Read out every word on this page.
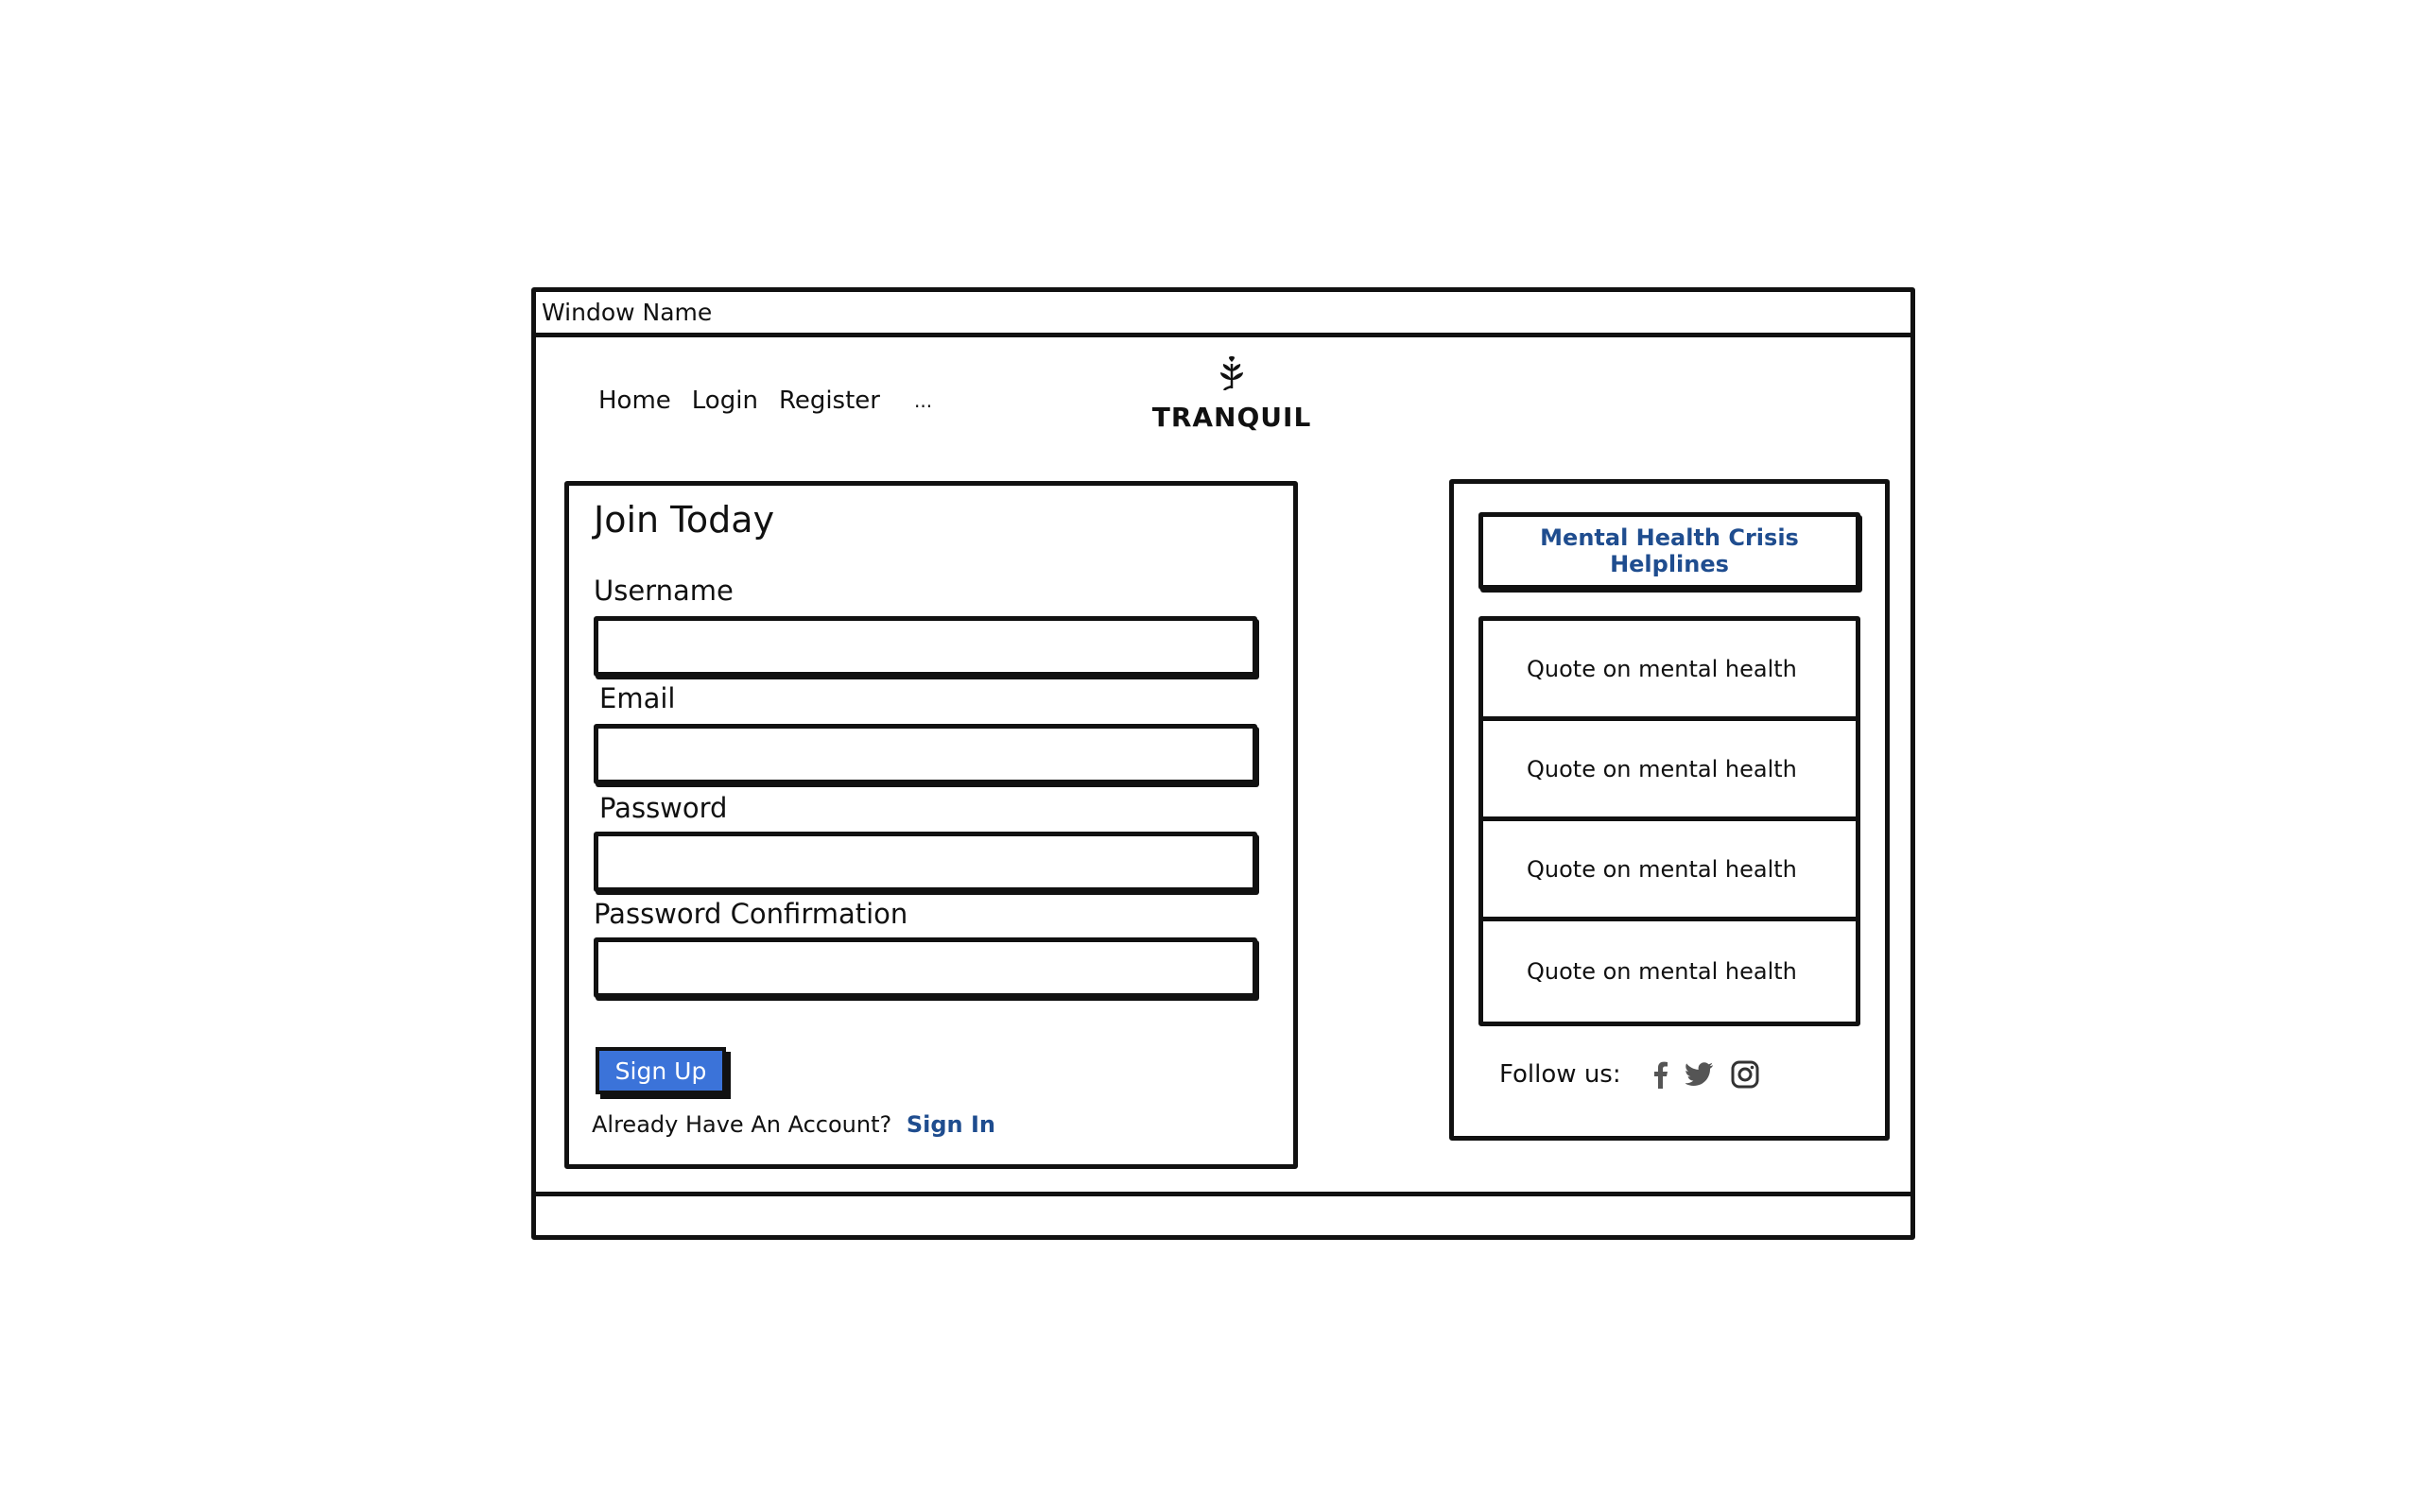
Window Name
Home Login Register ...
TRANQUIL
Join Today
Username
Email
Password
Password Confirmation
Sign Up
Already Have An Account? Sign In
Mental Health Crisis Helplines
Quote on mental health
Quote on mental health
Quote on mental health
Quote on mental health
Follow us:
